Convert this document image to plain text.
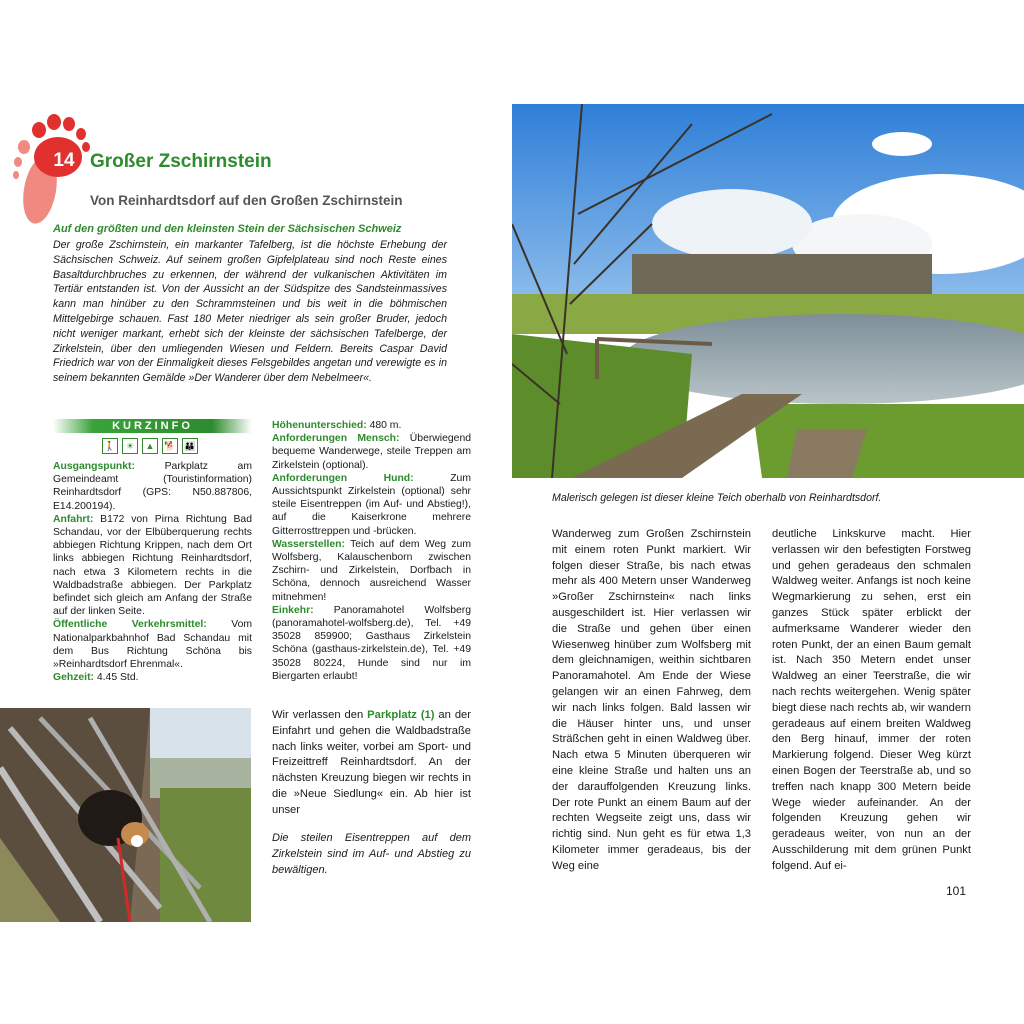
14 Großer Zschirnstein
Von Reinhardtsdorf auf den Großen Zschirnstein
Auf den größten und den kleinsten Stein der Sächsischen Schweiz
Der große Zschirnstein, ein markanter Tafelberg, ist die höchste Erhebung der Sächsischen Schweiz. Auf seinem großen Gipfelplateau sind noch Reste eines Basaltdurchbruches zu erkennen, der während der vulkanischen Aktivitäten im Tertiär entstanden ist. Von der Aussicht an der Südspitze des Sandsteinmassives kann man hinüber zu den Schrammsteinen und bis weit in die böhmischen Mittelgebirge schauen. Fast 180 Meter niedriger als sein großer Bruder, jedoch nicht weniger markant, erhebt sich der kleinste der sächsischen Tafelberge, der Zirkelstein, über den umliegenden Wiesen und Feldern. Bereits Caspar David Friedrich war von der Einmaligkeit dieses Felsgebildes angetan und verewigte es in seinem bekannten Gemälde »Der Wanderer über dem Nebelmeer«.
KURZINFO
🚶	☀	▲	🐕 👪

Ausgangspunkt:	Parkplatz am Gemeindeamt (Touristinformation) Reinhardtsdorf (GPS: N50.887806, E14.200194).

Anfahrt: B172 von Pirna Richtung Bad Schandau, vor der Elbüberquerung rechts abbiegen Richtung Krippen, nach dem Ort links abbiegen Richtung Reinhardtsdorf, nach etwa 3 Kilometern rechts in die Waldbadstraße abbiegen. Der Parkplatz befindet sich gleich am Anfang der Straße auf der linken Seite.

Öffentliche Verkehrsmittel: Vom Nationalparkbahnhof Bad Schandau mit dem Bus Richtung Schöna bis »Reinhardtsdorf Ehrenmal«.

Gehzeit: 4.45 Std.

Höhenunterschied: 480 m.

Anforderungen Mensch: Überwiegend bequeme Wanderwege, steile Treppen am Zirkelstein (optional).

Anforderungen Hund:	Zum Aussichtspunkt Zirkelstein (optional) sehr steile Eisentreppen (im Auf- und Abstieg!), auf die Kaiserkrone mehrere Gitterrosttreppen und -brücken.

Wasserstellen: Teich auf dem Weg zum Wolfsberg, Kalauschenborn zwischen Zschirn- und Zirkelstein, Dorfbach in Schöna, dennoch ausreichend Wasser mitnehmen!

Einkehr: Panoramahotel Wolfsberg (panoramahotel-wolfsberg.de), Tel. +49 35028 859900; Gasthaus Zirkelstein Schöna (gasthaus-zirkelstein.de), Tel. +49 35028 80224, Hunde sind nur im Biergarten erlaubt!

Wir verlassen den Parkplatz (1) an der Einfahrt und gehen die Waldbadstraße nach links weiter, vorbei am Sport- und Freizeittreff Reinhardtsdorf. An der nächsten Kreuzung biegen wir rechts in die »Neue Siedlung« ein. Ab hier ist unser
Die steilen Eisentreppen auf dem Zirkelstein sind im Auf- und Abstieg zu bewältigen.
Malerisch gelegen ist dieser kleine Teich oberhalb von Reinhardtsdorf.
Wanderweg zum Großen Zschirnstein mit einem roten Punkt markiert. Wir folgen dieser Straße, bis nach etwas mehr als 400 Metern unser Wanderweg »Großer Zschirnstein« nach links ausgeschildert ist. Hier verlassen wir die Straße und gehen über einen Wiesenweg hinüber zum Wolfsberg mit dem gleichnamigen, weithin sichtbaren Panoramahotel. Am Ende der Wiese gelangen wir an einen Fahrweg, dem wir nach links folgen. Bald lassen wir die Häuser hinter uns, und unser Sträßchen geht in einen Waldweg über. Nach etwa 5 Minuten überqueren wir eine kleine Straße und halten uns an der darauffolgenden Kreuzung links. Der rote Punkt an einem Baum auf der rechten Wegseite zeigt uns, dass wir richtig sind. Nun geht es für etwa 1,3 Kilometer immer geradeaus, bis der Weg eine
deutliche Linkskurve macht. Hier verlassen wir den befestigten Forstweg und gehen geradeaus den schmalen Waldweg weiter. Anfangs ist noch keine Wegmarkierung zu sehen, erst ein ganzes Stück später erblickt der aufmerksame Wanderer wieder den roten Punkt, der an einen Baum gemalt ist. Nach 350 Metern endet unser Waldweg an einer Teerstraße, die wir nach rechts weitergehen. Wenig später biegt diese nach rechts ab, wir wandern geradeaus auf einem breiten Waldweg den Berg hinauf, immer der roten Markierung folgend. Dieser Weg kürzt einen Bogen der Teerstraße ab, und so treffen nach knapp 300 Metern beide Wege wieder aufeinander. An der folgenden Kreuzung gehen wir geradeaus weiter, von nun an der Ausschilderung mit dem grünen Punkt folgend. Auf ei-
101
